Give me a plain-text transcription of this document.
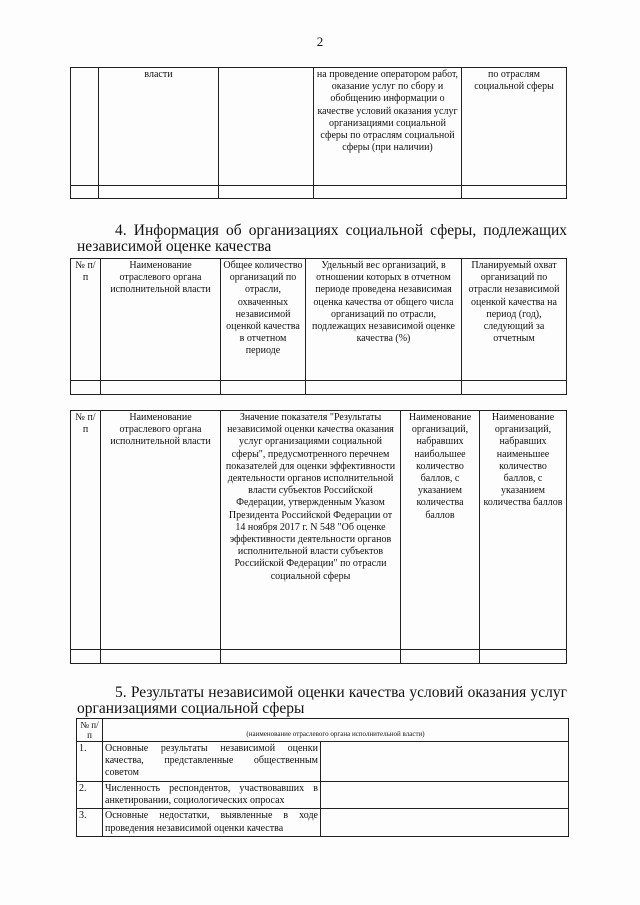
2
	власти		на проведение оператором работ, оказание услуг по сбору и обобщению информации о качестве условий оказания услуг организациями социальной сферы по отраслям социальной сферы (при наличии)	по отраслям социальной сферы

4. Информация об организациях социальной сферы, подлежащих
независимой оценке качества
№ п/п	Наименование отраслевого органа исполнительной власти	Общее количество организаций по отрасли, охваченных независимой оценкой качества в отчетном периоде	Удельный вес организаций, в отношении которых в отчетном периоде проведена независимая оценка качества от общего числа организаций по отрасли, подлежащих независимой оценке качества (%)	Планируемый охват организаций по отрасли независимой оценкой качества на период (год), следующий за отчетным

№ п/п	Наименование отраслевого органа исполнительной власти	Значение показателя "Результаты независимой оценки качества оказания услуг организациями социальной сферы", предусмотренного перечнем показателей для оценки эффективности деятельности органов исполнительной власти субъектов Российской Федерации, утвержденным Указом Президента Российской Федерации от 14 ноября 2017 г. N 548 "Об оценке эффективности деятельности органов исполнительной власти субъектов Российской Федерации" по отрасли социальной сферы	Наименование организаций, набравших наибольшее количество баллов, с указанием количества баллов	Наименование организаций, набравших наименьшее количество баллов, с указанием количества баллов

5. Результаты независимой оценки качества условий оказания услуг
организациями социальной сферы
№ п/п	(наименование отраслевого органа исполнительной власти)	
1.	Основные результаты независимой оценки качества, представленные общественным советом	
2.	Численность респондентов, участвовавших в анкетировании, социологических опросах	
3.	Основные недостатки, выявленные в ходе проведения независимой оценки качества	
